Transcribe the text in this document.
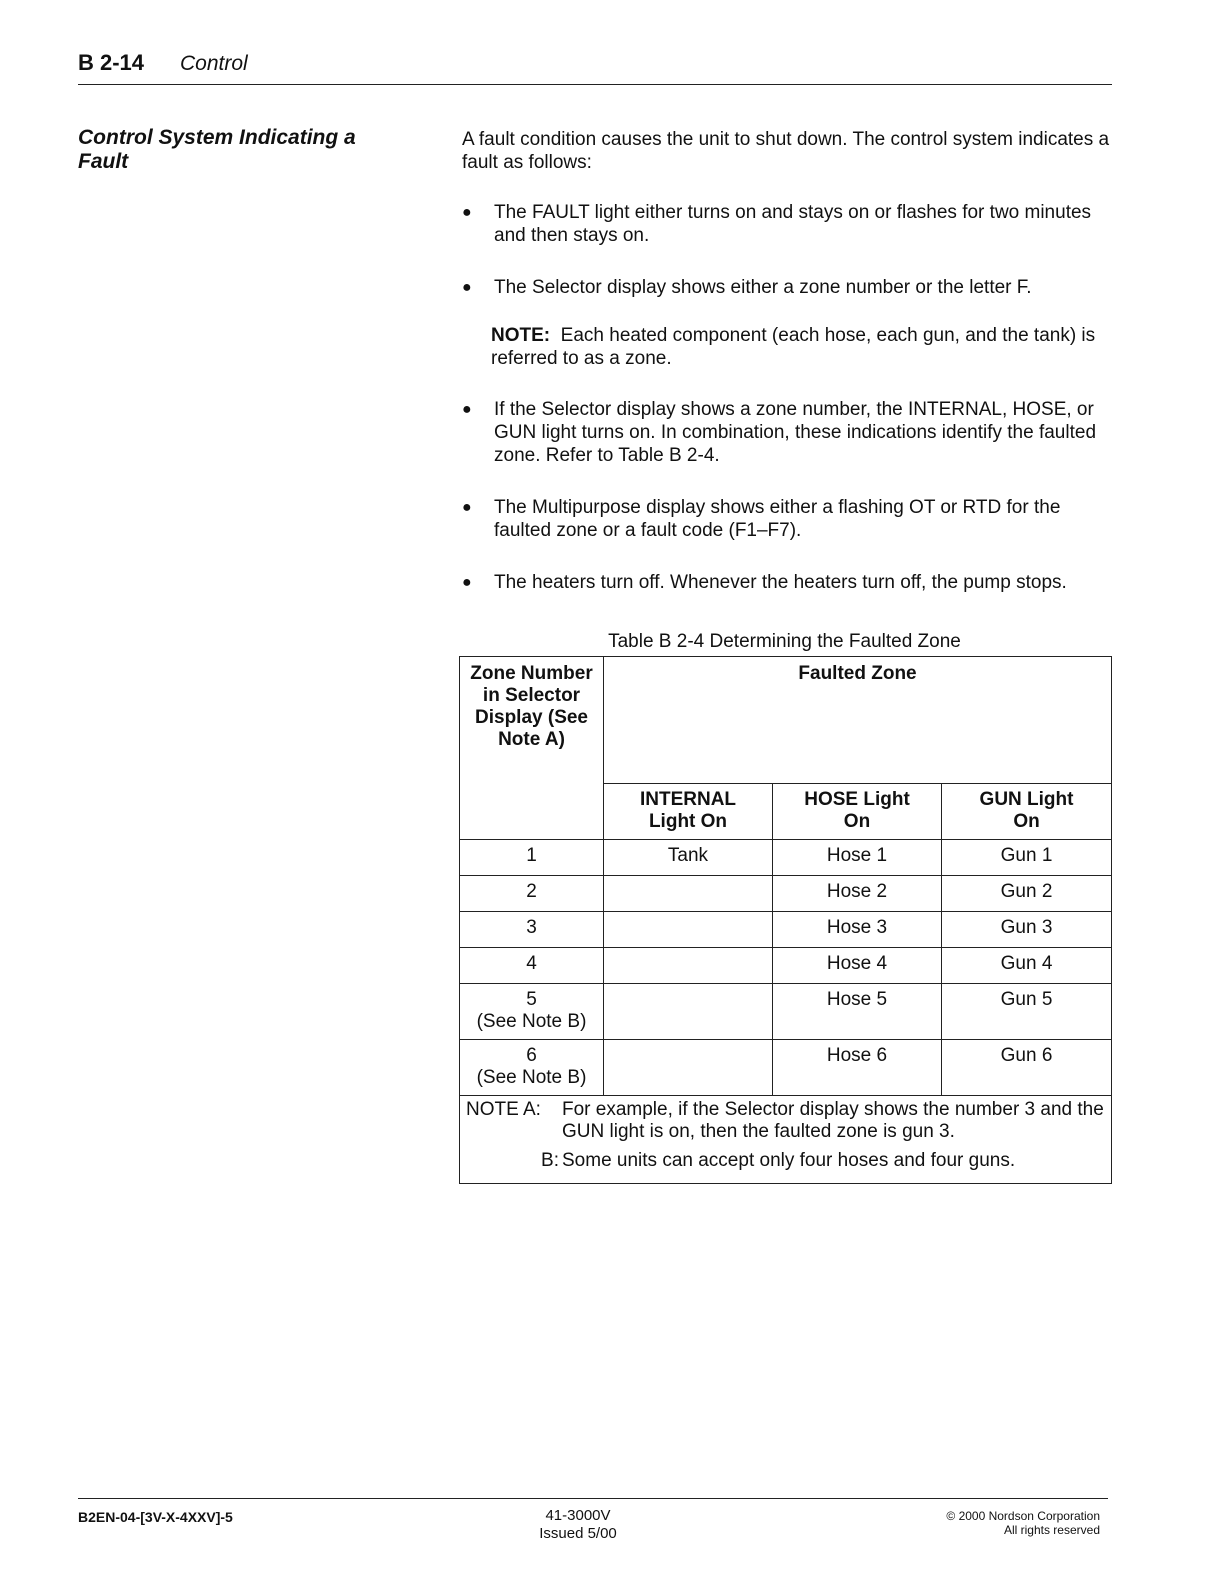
B 2-14 Control
Control System Indicating a Fault
A fault condition causes the unit to shut down. The control system indicates a fault as follows:
● The FAULT light either turns on and stays on or flashes for two minutes and then stays on.
● The Selector display shows either a zone number or the letter F.
NOTE: Each heated component (each hose, each gun, and the tank) is referred to as a zone.
● If the Selector display shows a zone number, the INTERNAL, HOSE, or GUN light turns on. In combination, these indications identify the faulted zone. Refer to Table B 2-4.
● The Multipurpose display shows either a flashing OT or RTD for the faulted zone or a fault code (F1–F7).
● The heaters turn off. Whenever the heaters turn off, the pump stops.
Table B 2-4 Determining the Faulted Zone
Zone Number in Selector Display (See Note A)	Faulted Zone		
	INTERNAL Light On	HOSE Light On	GUN Light On
1	Tank	Hose 1	Gun 1
2		Hose 2	Gun 2
3		Hose 3	Gun 3
4		Hose 4	Gun 4

5
(See Note B)		Hose 5	Gun 5

6
(See Note B)		Hose 6	Gun 6

NOTE A: For example, if the Selector display shows the number 3 and the GUN light is on, then the faulted zone is gun 3.
B: Some units can accept only four hoses and four guns.			
B2EN-04-[3V-X-4XXV]-5	41-3000V
Issued 5/00
© 2000 Nordson Corporation
All rights reserved
